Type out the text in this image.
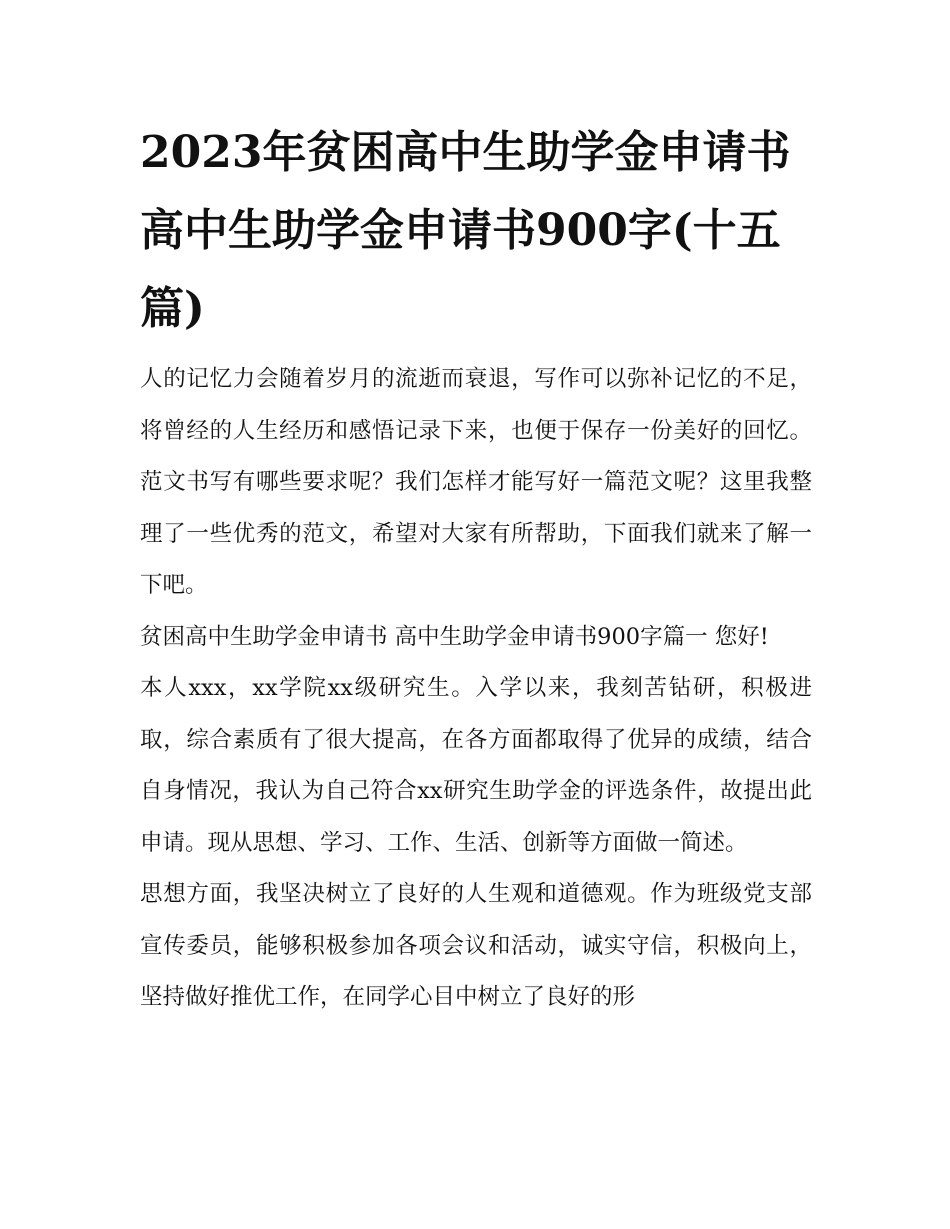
2023年贫困高中生助学金申请书 高中生助学金申请书900字(十五篇)

人的记忆力会随着岁月的流逝而衰退，写作可以弥补记忆的不足，将曾经的人生经历和感悟记录下来，也便于保存一份美好的回忆。范文书写有哪些要求呢？我们怎样才能写好一篇范文呢？这里我整理了一些优秀的范文，希望对大家有所帮助，下面我们就来了解一下吧。

贫困高中生助学金申请书 高中生助学金申请书900字篇一 您好!

本人xxx，xx学院xx级研究生。入学以来，我刻苦钻研，积极进取，综合素质有了很大提高，在各方面都取得了优异的成绩，结合自身情况，我认为自己符合xx研究生助学金的评选条件，故提出此申请。现从思想、学习、工作、生活、创新等方面做一简述。

思想方面，我坚决树立了良好的人生观和道德观。作为班级党支部宣传委员，能够积极参加各项会议和活动，诚实守信，积极向上，坚持做好推优工作，在同学心目中树立了良好的形
